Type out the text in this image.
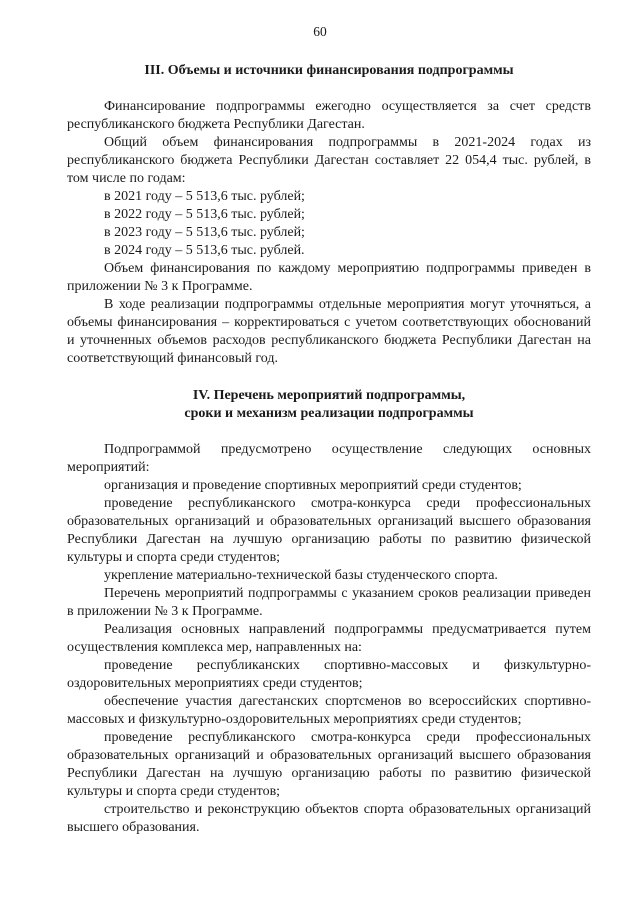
60
III. Объемы и источники финансирования подпрограммы

Финансирование подпрограммы ежегодно осуществляется за счет средств республиканского бюджета Республики Дагестан.

Общий объем финансирования подпрограммы в 2021-2024 годах из республиканского бюджета Республики Дагестан составляет 22 054,4 тыс. рублей, в том числе по годам:

в 2021 году – 5 513,6 тыс. рублей;
в 2022 году – 5 513,6 тыс. рублей;
в 2023 году – 5 513,6 тыс. рублей;
в 2024 году – 5 513,6 тыс. рублей.

Объем финансирования по каждому мероприятию подпрограммы приведен в приложении № 3 к Программе.

В ходе реализации подпрограммы отдельные мероприятия могут уточняться, а объемы финансирования – корректироваться с учетом соответствующих обоснований и уточненных объемов расходов республиканского бюджета Республики Дагестан на соответствующий финансовый год.

IV. Перечень мероприятий подпрограммы,
сроки и механизм реализации подпрограммы

Подпрограммой предусмотрено осуществление следующих основных мероприятий:

организация и проведение спортивных мероприятий среди студентов;

проведение республиканского смотра-конкурса среди профессиональных образовательных организаций и образовательных организаций высшего образования Республики Дагестан на лучшую организацию работы по развитию физической культуры и спорта среди студентов;

укрепление материально-технической базы студенческого спорта.

Перечень мероприятий подпрограммы с указанием сроков реализации приведен в приложении № 3 к Программе.

Реализация основных направлений подпрограммы предусматривается путем осуществления комплекса мер, направленных на:

проведение республиканских спортивно-массовых и физкультурно-оздоровительных мероприятиях среди студентов;

обеспечение участия дагестанских спортсменов во всероссийских спортивно-массовых и физкультурно-оздоровительных мероприятиях среди студентов;

проведение республиканского смотра-конкурса среди профессиональных образовательных организаций и образовательных организаций высшего образования Республики Дагестан на лучшую организацию работы по развитию физической культуры и спорта среди студентов;

строительство и реконструкцию объектов спорта образовательных организаций высшего образования.
